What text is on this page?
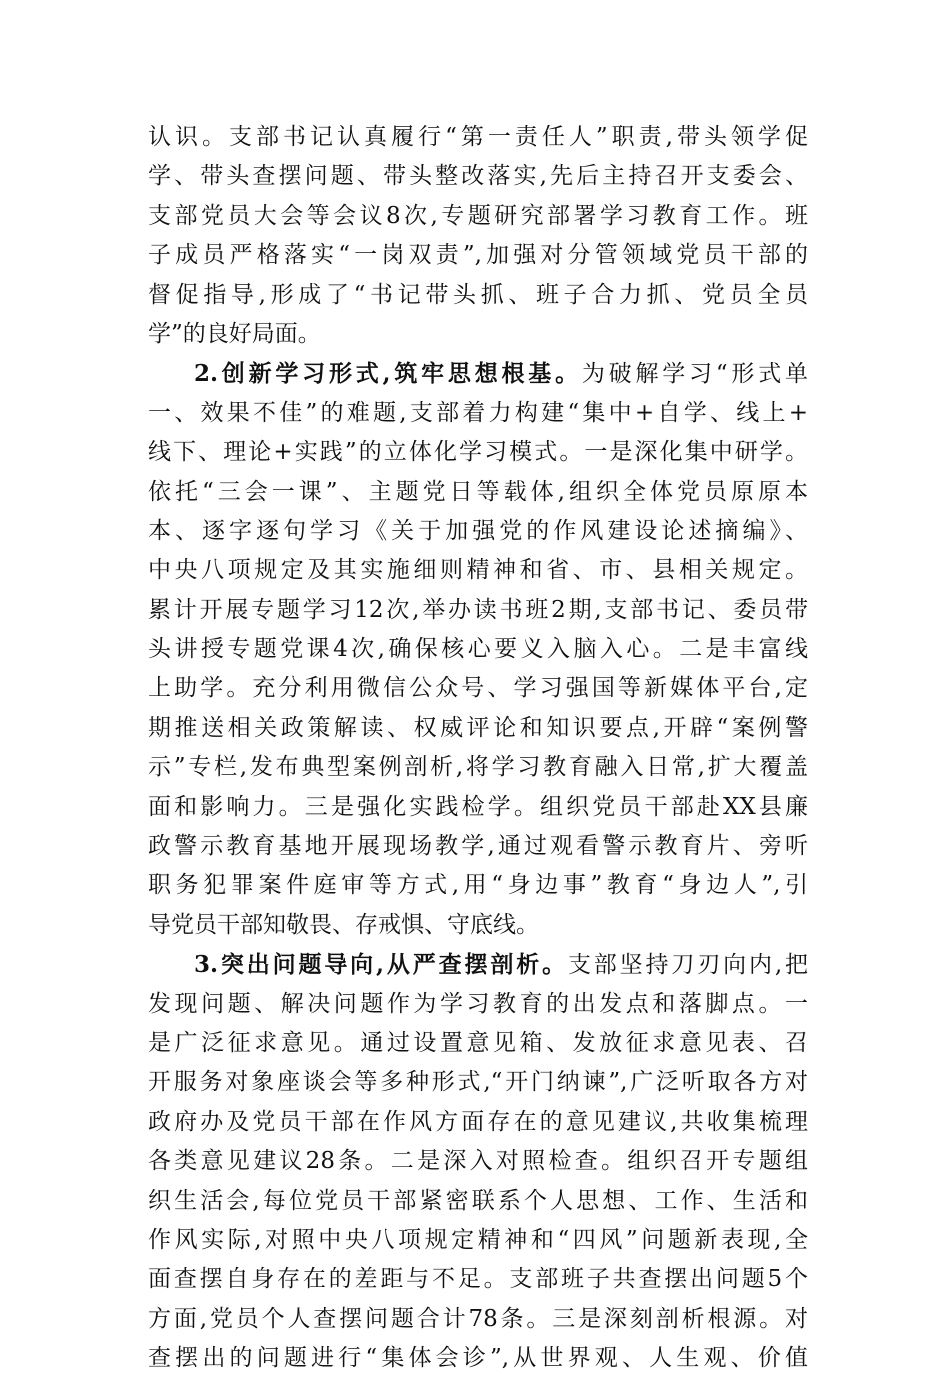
认识。支部书记认真履行“第一责任人”职责,带头领学促
学、带头查摆问题、带头整改落实,先后主持召开支委会、
支部党员大会等会议8次,专题研究部署学习教育工作。班
子成员严格落实“一岗双责”,加强对分管领域党员干部的
督促指导,形成了“书记带头抓、班子合力抓、党员全员
学”的良好局面。
2.创新学习形式,筑牢思想根基。为破解学习“形式单
一、效果不佳”的难题,支部着力构建“集中+自学、线上+
线下、理论+实践”的立体化学习模式。一是深化集中研学。
依托“三会一课”、主题党日等载体,组织全体党员原原本
本、逐字逐句学习《关于加强党的作风建设论述摘编》、
中央八项规定及其实施细则精神和省、市、县相关规定。
累计开展专题学习12次,举办读书班2期,支部书记、委员带
头讲授专题党课4次,确保核心要义入脑入心。二是丰富线
上助学。充分利用微信公众号、学习强国等新媒体平台,定
期推送相关政策解读、权威评论和知识要点,开辟“案例警
示”专栏,发布典型案例剖析,将学习教育融入日常,扩大覆盖
面和影响力。三是强化实践检学。组织党员干部赴XX县廉
政警示教育基地开展现场教学,通过观看警示教育片、旁听
职务犯罪案件庭审等方式,用“身边事”教育“身边人”,引
导党员干部知敬畏、存戒惧、守底线。
3.突出问题导向,从严查摆剖析。支部坚持刀刃向内,把
发现问题、解决问题作为学习教育的出发点和落脚点。一
是广泛征求意见。通过设置意见箱、发放征求意见表、召
开服务对象座谈会等多种形式,“开门纳谏”,广泛听取各方对
政府办及党员干部在作风方面存在的意见建议,共收集梳理
各类意见建议28条。二是深入对照检查。组织召开专题组
织生活会,每位党员干部紧密联系个人思想、工作、生活和
作风实际,对照中央八项规定精神和“四风”问题新表现,全
面查摆自身存在的差距与不足。支部班子共查摆出问题5个
方面,党员个人查摆问题合计78条。三是深刻剖析根源。对
查摆出的问题进行“集体会诊”,从世界观、人生观、价值
